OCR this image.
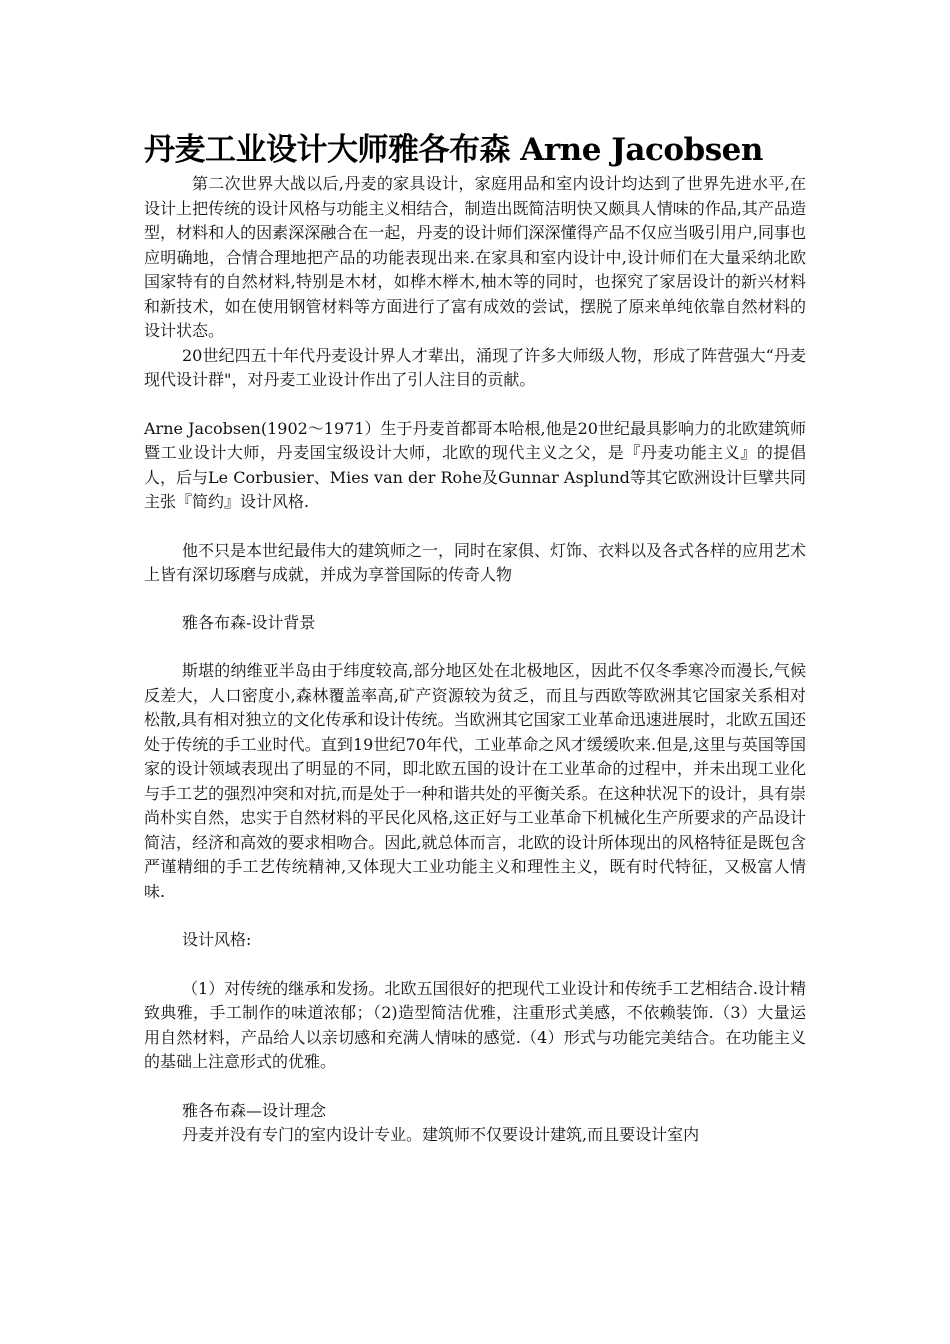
丹麦工业设计大师雅各布森 Arne Jacobsen

第二次世界大战以后,丹麦的家具设计，家庭用品和室内设计均达到了世界先进水平,在设计上把传统的设计风格与功能主义相结合，制造出既简洁明快又颇具人情味的作品,其产品造型，材料和人的因素深深融合在一起，丹麦的设计师们深深懂得产品不仅应当吸引用户,同事也应明确地，合情合理地把产品的功能表现出来.在家具和室内设计中,设计师们在大量采纳北欧国家特有的自然材料,特别是木材，如桦木榉木,柚木等的同时，也探究了家居设计的新兴材料和新技术，如在使用钢管材料等方面进行了富有成效的尝试，摆脱了原来单纯依靠自然材料的设计状态。

20世纪四五十年代丹麦设计界人才辈出，涌现了许多大师级人物，形成了阵营强大“丹麦现代设计群"，对丹麦工业设计作出了引人注目的贡献。

Arne Jacobsen(1902～1971）生于丹麦首都哥本哈根,他是20世纪最具影响力的北欧建筑师暨工业设计大师，丹麦国宝级设计大师，北欧的现代主义之父，是『丹麦功能主义』的提倡人，后与Le Corbusier、Mies van der Rohe及Gunnar Asplund等其它欧洲设计巨擘共同主张『简约』设计风格.

他不只是本世纪最伟大的建筑师之一，同时在家俱、灯饰、衣料以及各式各样的应用艺术上皆有深切琢磨与成就，并成为享誉国际的传奇人物

雅各布森-设计背景

斯堪的纳维亚半岛由于纬度较高,部分地区处在北极地区，因此不仅冬季寒冷而漫长,气候反差大，人口密度小,森林覆盖率高,矿产资源较为贫乏，而且与西欧等欧洲其它国家关系相对松散,具有相对独立的文化传承和设计传统。当欧洲其它国家工业革命迅速进展时，北欧五国还处于传统的手工业时代。直到19世纪70年代，工业革命之风才缓缓吹来.但是,这里与英国等国家的设计领域表现出了明显的不同，即北欧五国的设计在工业革命的过程中，并未出现工业化与手工艺的强烈冲突和对抗,而是处于一种和谐共处的平衡关系。在这种状况下的设计，具有崇尚朴实自然，忠实于自然材料的平民化风格,这正好与工业革命下机械化生产所要求的产品设计简洁，经济和高效的要求相吻合。因此,就总体而言，北欧的设计所体现出的风格特征是既包含严谨精细的手工艺传统精神,又体现大工业功能主义和理性主义，既有时代特征，又极富人情味.

设计风格:

（1）对传统的继承和发扬。北欧五国很好的把现代工业设计和传统手工艺相结合.设计精致典雅，手工制作的味道浓郁；（2)造型简洁优雅，注重形式美感，不依赖装饰.（3）大量运用自然材料，产品给人以亲切感和充满人情味的感觉.（4）形式与功能完美结合。在功能主义的基础上注意形式的优雅。

雅各布森—设计理念

丹麦并没有专门的室内设计专业。建筑师不仅要设计建筑,而且要设计室内
